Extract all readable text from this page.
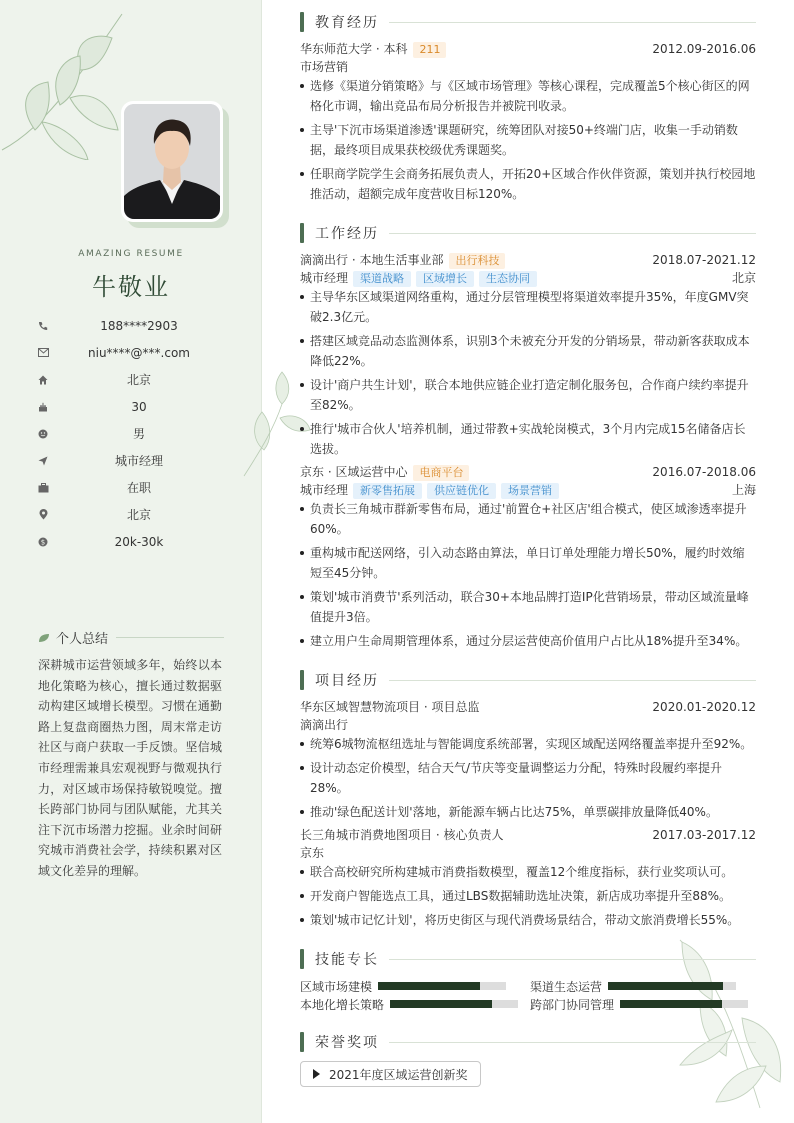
AMAZING RESUME
牛敬业
188****2903
niu****@***.com
北京
30
男
城市经理
在职
北京
$	20k-30k
个人总结
深耕城市运营领域多年，始终以本地化策略为核心，擅长通过数据驱动构建区域增长模型。习惯在通勤路上复盘商圈热力图，周末常走访社区与商户获取一手反馈。坚信城市经理需兼具宏观视野与微观执行力，对区域市场保持敏锐嗅觉。擅长跨部门协同与团队赋能，尤其关注下沉市场潜力挖掘。业余时间研究城市消费社会学，持续积累对区域文化差异的理解。
教育经历
华东师范大学 · 本科 211	2012.09-2016.06
市场营销
选修《渠道分销策略》与《区域市场管理》等核心课程，完成覆盖5个核心街区的网格化市调，输出竞品布局分析报告并被院刊收录。
主导'下沉市场渠道渗透'课题研究，统筹团队对接50+终端门店，收集一手动销数据，最终项目成果获校级优秀课题奖。
任职商学院学生会商务拓展负责人，开拓20+区域合作伙伴资源，策划并执行校园地推活动，超额完成年度营收目标120%。
工作经历
滴滴出行 · 本地生活事业部 出行科技	2018.07-2021.12
城市经理 渠道战略 区域增长 生态协同	北京
主导华东区域渠道网络重构，通过分层管理模型将渠道效率提升35%，年度GMV突破2.3亿元。
搭建区域竞品动态监测体系，识别3个未被充分开发的分销场景，带动新客获取成本降低22%。
设计'商户共生计划'，联合本地供应链企业打造定制化服务包，合作商户续约率提升至82%。
推行'城市合伙人'培养机制，通过带教+实战轮岗模式，3个月内完成15名储备店长选拔。
京东 · 区域运营中心 电商平台	2016.07-2018.06
城市经理 新零售拓展 供应链优化 场景营销	上海
负责长三角城市群新零售布局，通过'前置仓+社区店'组合模式，使区域渗透率提升60%。
重构城市配送网络，引入动态路由算法，单日订单处理能力增长50%，履约时效缩短至45分钟。
策划'城市消费节'系列活动，联合30+本地品牌打造IP化营销场景，带动区域流量峰值提升3倍。
建立用户生命周期管理体系，通过分层运营使高价值用户占比从18%提升至34%。
项目经历
华东区域智慧物流项目 · 项目总监	2020.01-2020.12
滴滴出行
统筹6城物流枢纽选址与智能调度系统部署，实现区域配送网络覆盖率提升至92%。
设计动态定价模型，结合天气/节庆等变量调整运力分配，特殊时段履约率提升28%。
推动'绿色配送计划'落地，新能源车辆占比达75%，单票碳排放量降低40%。
长三角城市消费地图项目 · 核心负责人	2017.03-2017.12
京东
联合高校研究所构建城市消费指数模型，覆盖12个维度指标，获行业奖项认可。
开发商户智能选点工具，通过LBS数据辅助选址决策，新店成功率提升至88%。
策划'城市记忆计划'，将历史街区与现代消费场景结合，带动文旅消费增长55%。
技能专长
区域市场建模	渠道生态运营
本地化增长策略	跨部门协同管理
荣誉奖项
2021年度区域运营创新奖
